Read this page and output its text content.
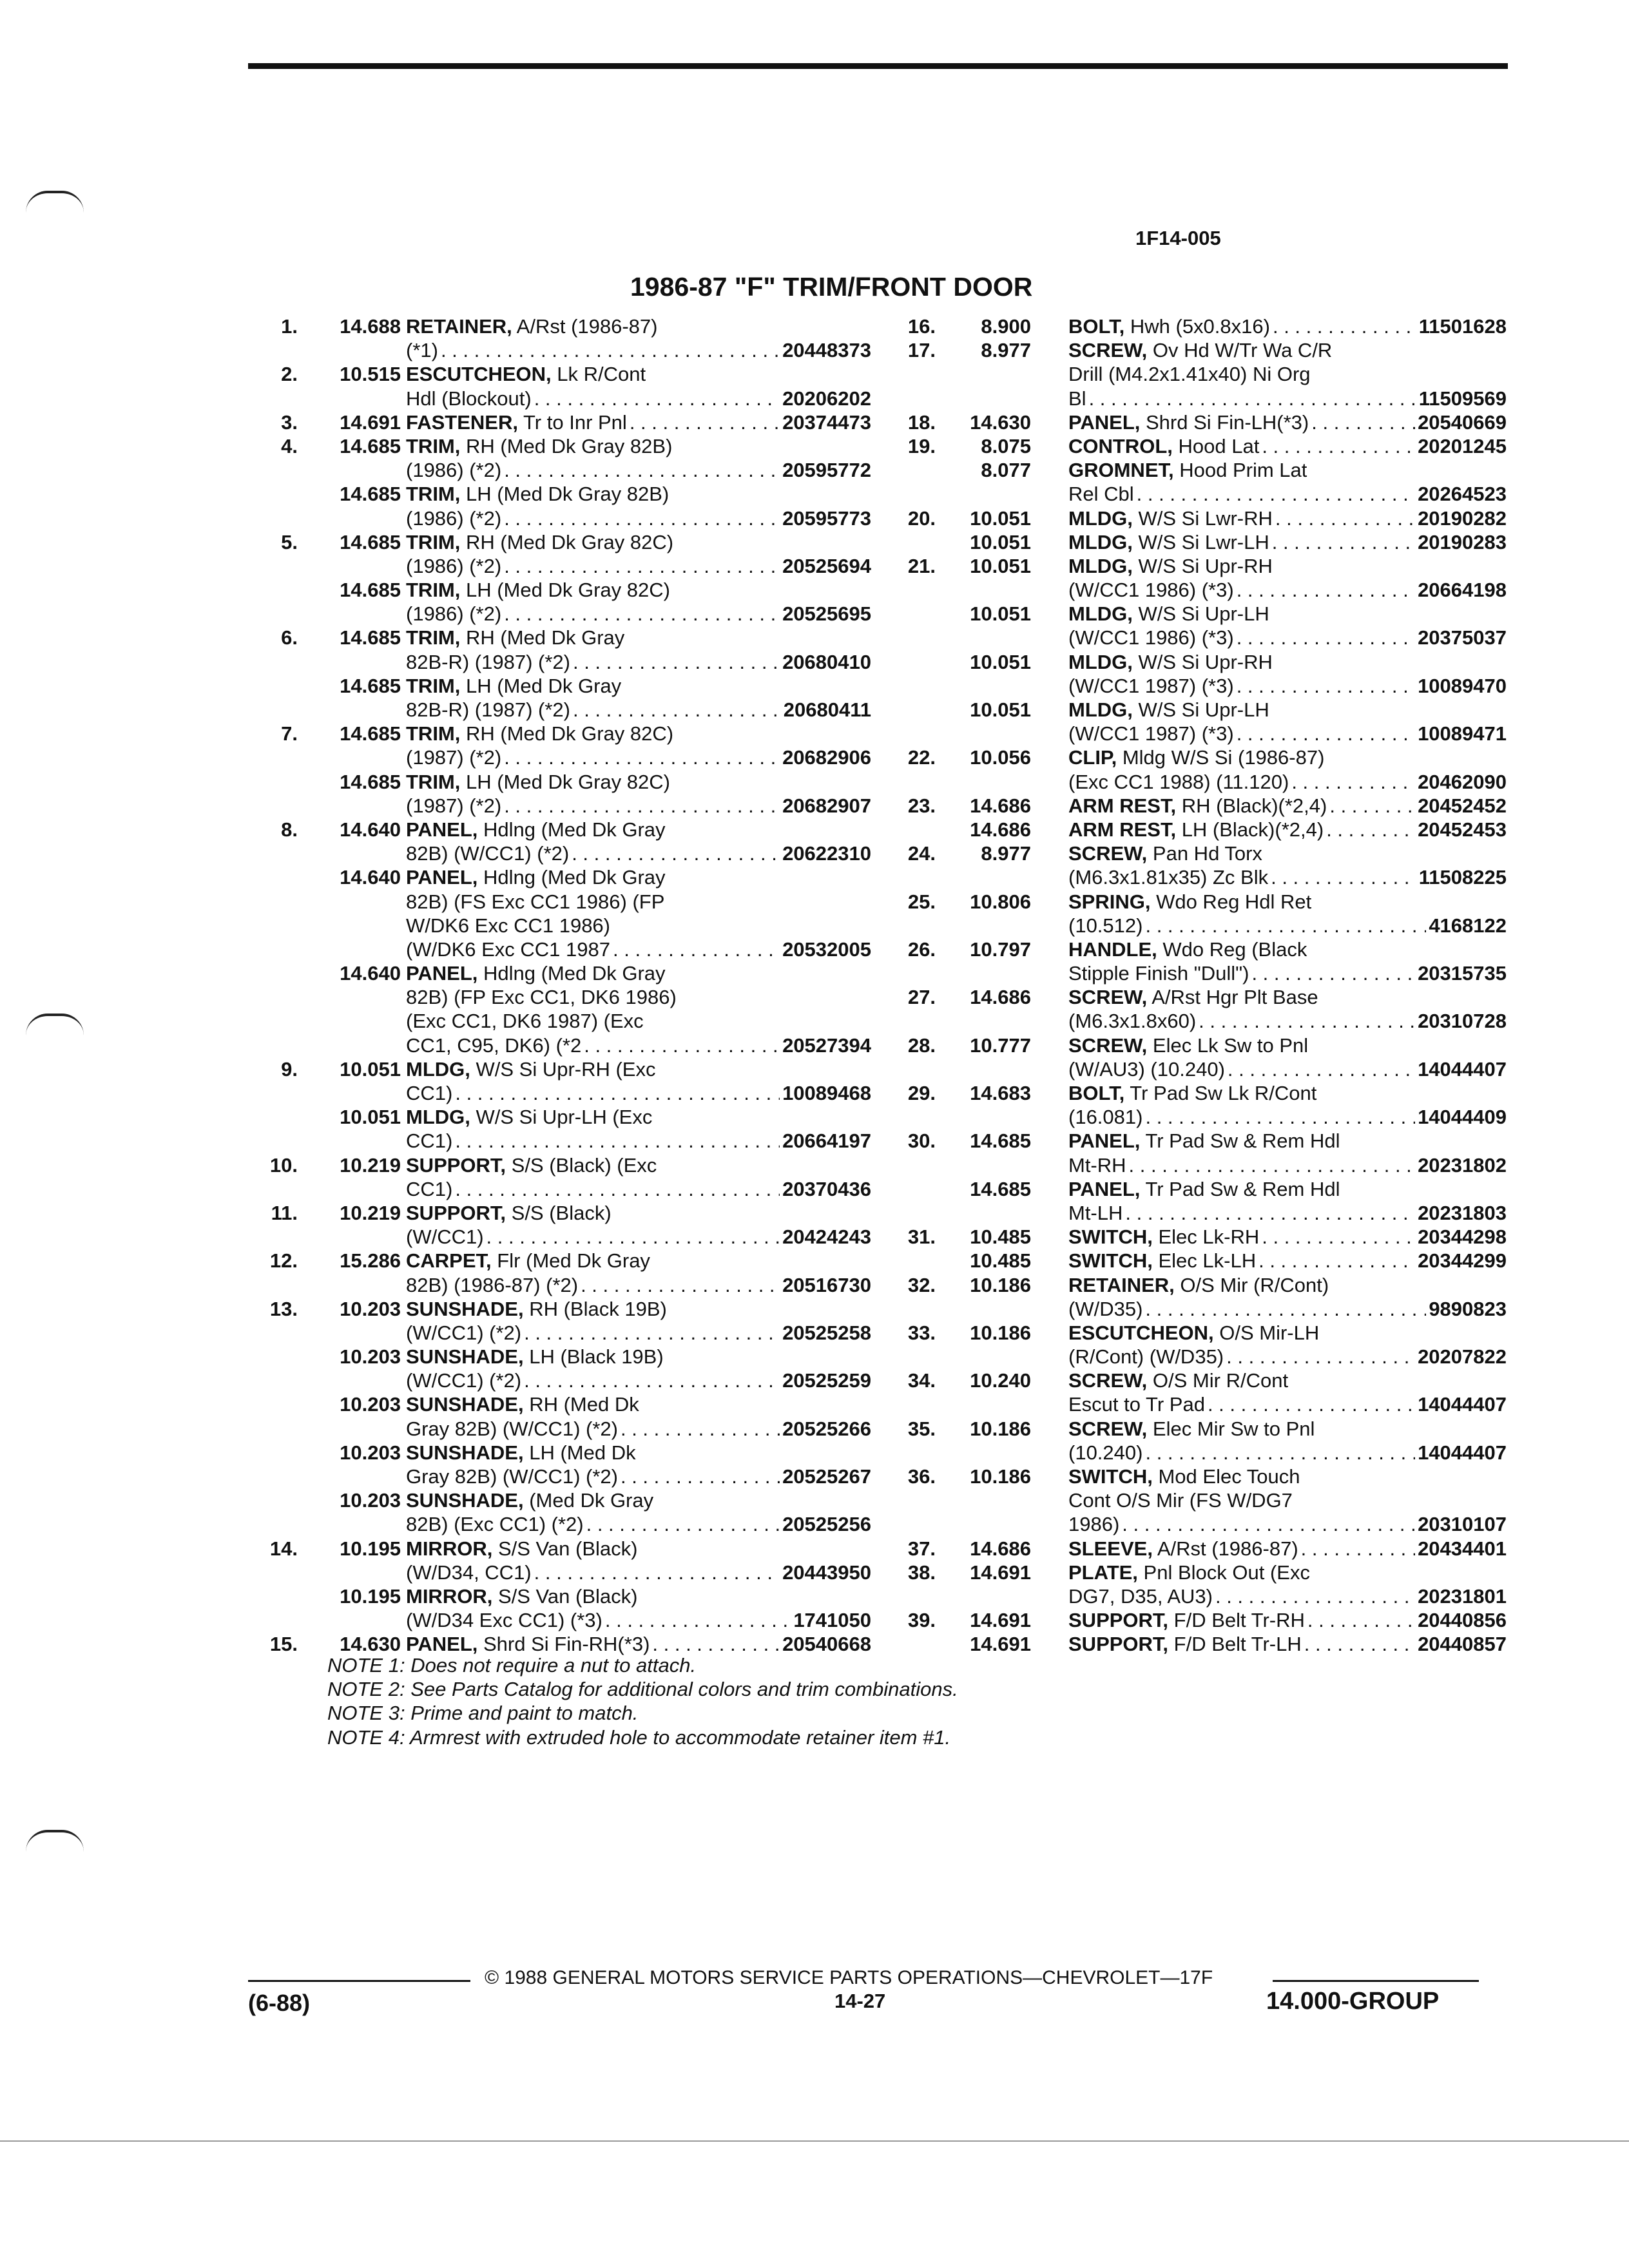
1F14-005
1986-87 "F" TRIM/FRONT DOOR
1.	14.688 RETAINER, A/Rst (1986-87)
(*1) . . .	20448373
2.	10.515 ESCUTCHEON, Lk R/Cont
Hdl (Blockout) . . .	20206202
3.	14.691 FASTENER, Tr to Inr Pnl . . .	20374473
4.	14.685 TRIM, RH (Med Dk Gray 82B)
(1986) (*2) . . .	20595772
14.685 TRIM, LH (Med Dk Gray 82B)
(1986) (*2) . . .	20595773
5.	14.685 TRIM, RH (Med Dk Gray 82C)
(1986) (*2) . . .	20525694
14.685 TRIM, LH (Med Dk Gray 82C)
(1986) (*2) . . .	20525695
6.	14.685 TRIM, RH (Med Dk Gray
82B-R) (1987) (*2) . . .	20680410
14.685 TRIM, LH (Med Dk Gray
82B-R) (1987) (*2) . . .	20680411
7.	14.685 TRIM, RH (Med Dk Gray 82C)
(1987) (*2) . . .	20682906
14.685 TRIM, LH (Med Dk Gray 82C)
(1987) (*2) . . .	20682907
8.	14.640 PANEL, Hdlng (Med Dk Gray
82B) (W/CC1) (*2) . . .	20622310
14.640 PANEL, Hdlng (Med Dk Gray
82B) (FS Exc CC1 1986) (FP
W/DK6 Exc CC1 1986)
(W/DK6 Exc CC1 1987 . . .	20532005
14.640 PANEL, Hdlng (Med Dk Gray
82B) (FP Exc CC1, DK6 1986)
(Exc CC1, DK6 1987) (Exc
CC1, C95, DK6) (*2 . . .	20527394
9.	10.051 MLDG, W/S Si Upr-RH (Exc
CC1) . . .	10089468
10.051 MLDG, W/S Si Upr-LH (Exc
CC1) . . .	20664197
10.	10.219 SUPPORT, S/S (Black) (Exc
CC1) . . .	20370436
11.	10.219 SUPPORT, S/S (Black)
(W/CC1) . . .	20424243
12.	15.286 CARPET, Flr (Med Dk Gray
82B) (1986-87) (*2) . . .	20516730
13.	10.203 SUNSHADE, RH (Black 19B)
(W/CC1) (*2) . . .	20525258
10.203 SUNSHADE, LH (Black 19B)
(W/CC1) (*2) . . .	20525259
10.203 SUNSHADE, RH (Med Dk
Gray 82B) (W/CC1) (*2) . . .	20525266
10.203 SUNSHADE, LH (Med Dk
Gray 82B) (W/CC1) (*2) . . .	20525267
10.203 SUNSHADE, (Med Dk Gray
82B) (Exc CC1) (*2) . . .	20525256
14.	10.195 MIRROR, S/S Van (Black)
(W/D34, CC1) . . .	20443950
10.195 MIRROR, S/S Van (Black)
(W/D34 Exc CC1) (*3) . . .	1741050
15.	14.630 PANEL, Shrd Si Fin-RH(*3) . . .	20540668
16.	8.900 BOLT, Hwh (5x0.8x16) . . .	11501628
17.	8.977 SCREW, Ov Hd W/Tr Wa C/R
Drill (M4.2x1.41x40) Ni Org
Bl . . .	11509569
18.	14.630 PANEL, Shrd Si Fin-LH(*3) . . .	20540669
19.	8.075 CONTROL, Hood Lat . . .	20201245
8.077 GROMNET, Hood Prim Lat
Rel Cbl . . .	20264523
20.	10.051 MLDG, W/S Si Lwr-RH . . .	20190282
10.051 MLDG, W/S Si Lwr-LH . . .	20190283
21.	10.051 MLDG, W/S Si Upr-RH
(W/CC1 1986) (*3) . . .	20664198
10.051 MLDG, W/S Si Upr-LH
(W/CC1 1986) (*3) . . .	20375037
10.051 MLDG, W/S Si Upr-RH
(W/CC1 1987) (*3) . . .	10089470
10.051 MLDG, W/S Si Upr-LH
(W/CC1 1987) (*3) . . .	10089471
22.	10.056 CLIP, Mldg W/S Si (1986-87)
(Exc CC1 1988) (11.120) . . .	20462090
23.	14.686 ARM REST, RH (Black)(*2,4) . . .	20452452
14.686 ARM REST, LH (Black)(*2,4) . . .	20452453
24.	8.977 SCREW, Pan Hd Torx
(M6.3x1.81x35) Zc Blk . . .	11508225
25.	10.806 SPRING, Wdo Reg Hdl Ret
(10.512) . . .	4168122
26.	10.797 HANDLE, Wdo Reg (Black
Stipple Finish "Dull") . . .	20315735
27.	14.686 SCREW, A/Rst Hgr Plt Base
(M6.3x1.8x60) . . .	20310728
28.	10.777 SCREW, Elec Lk Sw to Pnl
(W/AU3) (10.240) . . .	14044407
29.	14.683 BOLT, Tr Pad Sw Lk R/Cont
(16.081) . . .	14044409
30.	14.685 PANEL, Tr Pad Sw & Rem Hdl
Mt-RH . . .	20231802
14.685 PANEL, Tr Pad Sw & Rem Hdl
Mt-LH . . .	20231803
31.	10.485 SWITCH, Elec Lk-RH . . .	20344298
10.485 SWITCH, Elec Lk-LH . . .	20344299
32.	10.186 RETAINER, O/S Mir (R/Cont)
(W/D35) . . .	9890823
33.	10.186 ESCUTCHEON, O/S Mir-LH
(R/Cont) (W/D35) . . .	20207822
34.	10.240 SCREW, O/S Mir R/Cont
Escut to Tr Pad . . .	14044407
35.	10.186 SCREW, Elec Mir Sw to Pnl
(10.240) . . .	14044407
36.	10.186 SWITCH, Mod Elec Touch
Cont O/S Mir (FS W/DG7
1986) . . .	20310107
37.	14.686 SLEEVE, A/Rst (1986-87) . . .	20434401
38.	14.691 PLATE, Pnl Block Out (Exc
DG7, D35, AU3) . . .	20231801
39.	14.691 SUPPORT, F/D Belt Tr-RH . . .	20440856
14.691 SUPPORT, F/D Belt Tr-LH . . .	20440857
NOTE 1: Does not require a nut to attach.
NOTE 2: See Parts Catalog for additional colors and trim combinations.
NOTE 3: Prime and paint to match.
NOTE 4: Armrest with extruded hole to accommodate retainer item #1.
© 1988 GENERAL MOTORS SERVICE PARTS OPERATIONS—CHEVROLET—17F
(6-88)	14-27	14.000-GROUP
